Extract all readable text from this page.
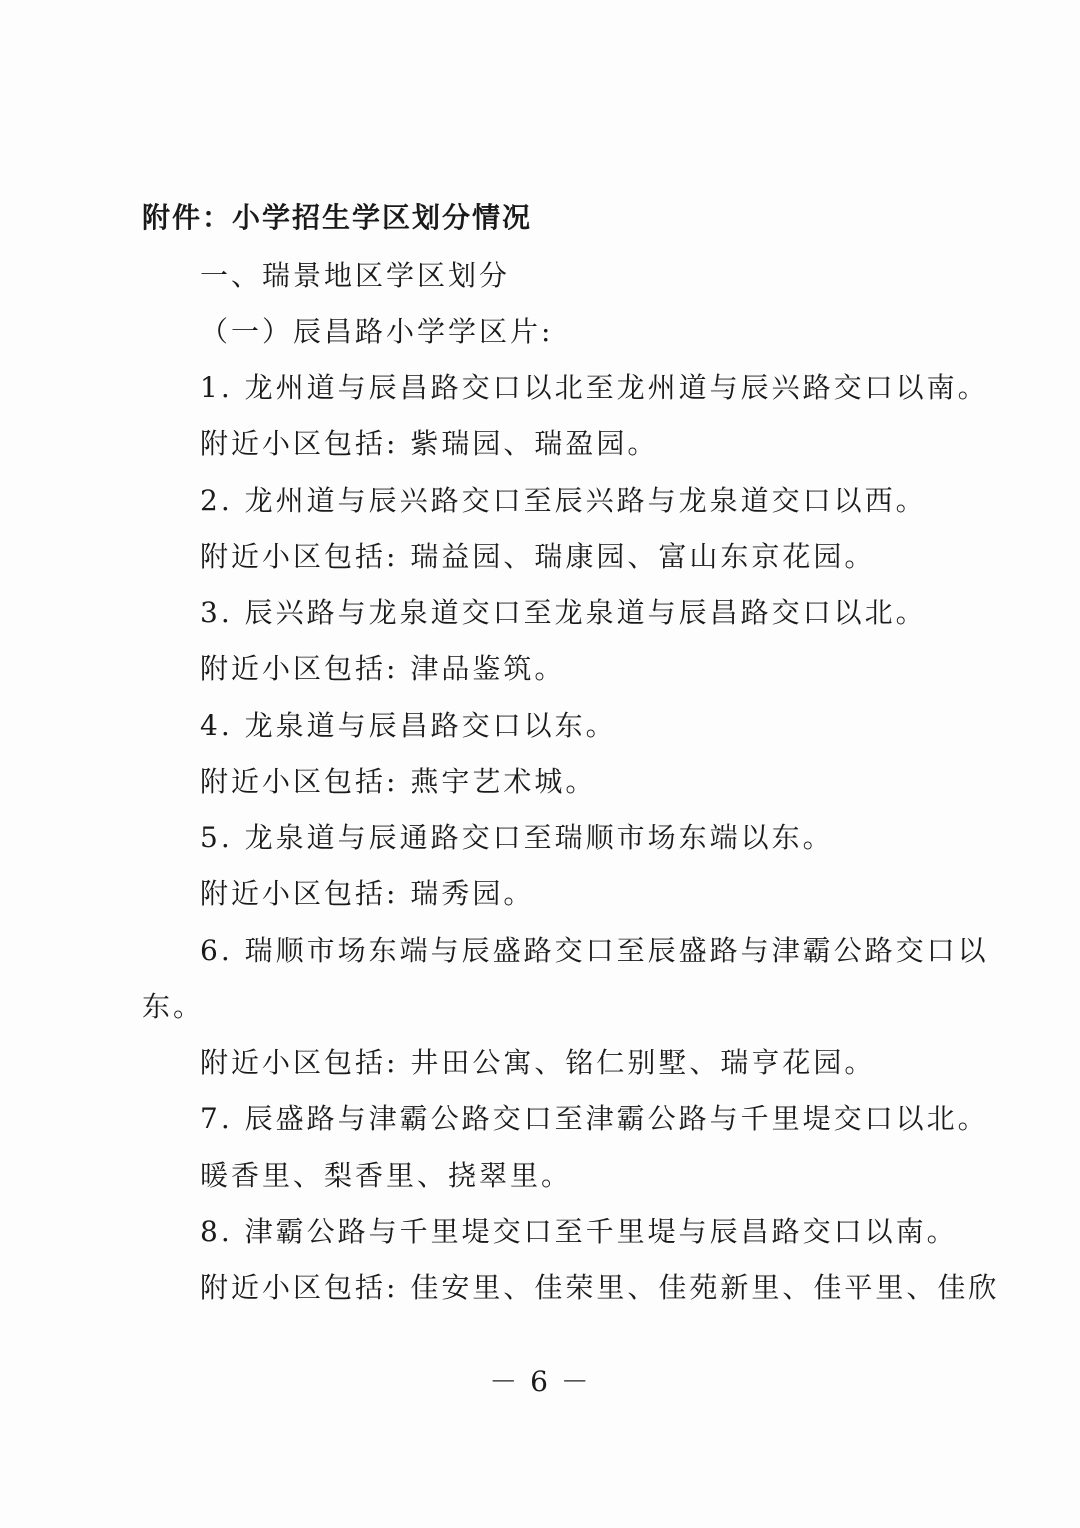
附件：小学招生学区划分情况
一、瑞景地区学区划分
（一）辰昌路小学学区片:
1. 龙州道与辰昌路交口以北至龙州道与辰兴路交口以南。
附近小区包括: 紫瑞园、瑞盈园。
2. 龙州道与辰兴路交口至辰兴路与龙泉道交口以西。
附近小区包括: 瑞益园、瑞康园、富山东京花园。
3. 辰兴路与龙泉道交口至龙泉道与辰昌路交口以北。
附近小区包括: 津品鉴筑。
4. 龙泉道与辰昌路交口以东。
附近小区包括: 燕宇艺术城。
5. 龙泉道与辰通路交口至瑞顺市场东端以东。
附近小区包括: 瑞秀园。
6. 瑞顺市场东端与辰盛路交口至辰盛路与津霸公路交口以
东。
附近小区包括: 井田公寓、铭仁别墅、瑞亨花园。
7. 辰盛路与津霸公路交口至津霸公路与千里堤交口以北。
暖香里、梨香里、挠翠里。
8. 津霸公路与千里堤交口至千里堤与辰昌路交口以南。
附近小区包括: 佳安里、佳荣里、佳苑新里、佳平里、佳欣
－ 6 －
